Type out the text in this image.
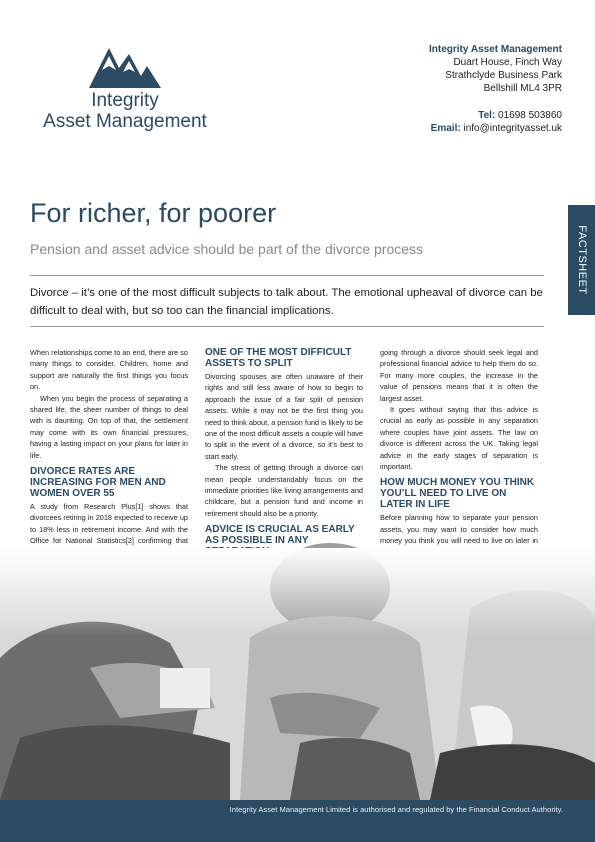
Integrity
Asset Management
Integrity Asset Management
Duart House, Finch Way
Strathclyde Business Park
Bellshill ML4 3PR
Tel: 01698 503860
Email: info@integrityasset.uk
FACTSHEET
For richer, for poorer
Pension and asset advice should be part of the divorce process

Divorce – it’s one of the most difficult subjects to talk about. The emotional upheaval of divorce can be difficult to deal with, but so too can the financial implications.

When relationships come to an end, there are so many things to consider. Children, home and support are naturally the first things you focus on.

When you begin the process of separating a shared life, the sheer number of things to deal with is daunting. On top of that, the settlement may come with its own financial pressures, having a lasting impact on your plans for later in life.

DIVORCE RATES ARE INCREASING FOR MEN AND WOMEN OVER 55

A study from Research Plus[1] shows that divorcees retiring in 2018 expected to receive up to 18% less in retirement income. And with the Office for National Statistics[2] confirming that

ONE OF THE MOST DIFFICULT ASSETS TO SPLIT

Divorcing spouses are often unaware of their rights and still less aware of how to begin to approach the issue of a fair split of pension assets. While it may not be the first thing you need to think about, a pension fund is likely to be one of the most difficult assets a couple will have to split in the event of a divorce, so it’s best to start early.

The stress of getting through a divorce can mean people understandably focus on the immediate priorities like living arrangements and childcare, but a pension fund and income in retirement should also be a priority.

ADVICE IS CRUCIAL AS EARLY AS POSSIBLE IN ANY

going through a divorce should seek legal and professional financial advice to help them do so. For many more couples, the increase in the value of pensions means that it is often the largest asset.

It goes without saying that this advice is crucial as early as possible in any separation where couples have joint assets. The law on divorce is different across the UK. Taking legal advice in the early stages of separation is important.

HOW MUCH MONEY YOU THINK YOU’LL NEED TO LIVE ON LATER IN LIFE

Before planning how to separate your pension assets, you may want to consider how much money you think you will need to live on later in

Integrity Asset Management Limited is authorised and regulated by the Financial Conduct Authority.
